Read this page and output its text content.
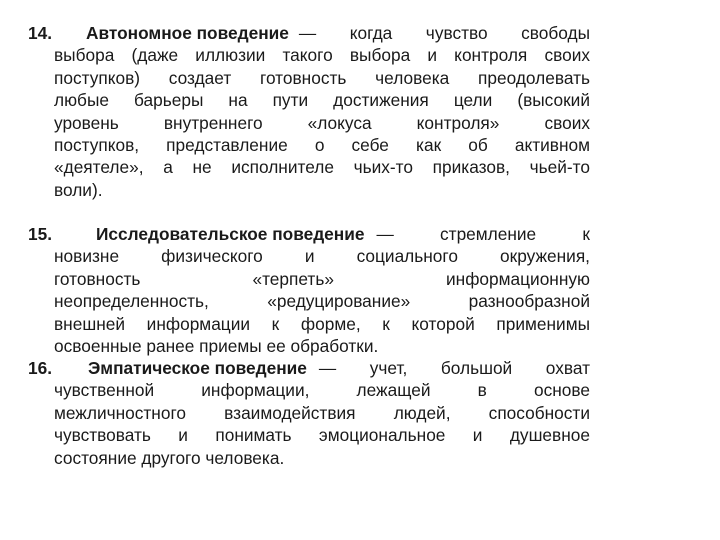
14.	Автономное поведение — когда чувство свободы
выбора (даже иллюзии такого выбора и контроля своих
поступков) создает готовность человека преодолевать
любые барьеры на пути достижения цели (высокий
уровень внутреннего «локуса контроля» своих
поступков, представление о себе как об активном
«деятеле», а не исполнителе чьих-то приказов, чьей-то
воли).
15.	Исследовательское поведение — стремление к
новизне физического и социального окружения,
готовность «терпеть» информационную
неопределенность, «редуцирование» разнообразной
внешней информации к форме, к которой применимы
освоенные ранее приемы ее обработки.
16.	Эмпатическое поведение — учет, большой охват
чувственной информации, лежащей в основе
межличностного взаимодействия людей, способности
чувствовать и понимать эмоциональное и душевное
состояние другого человека.
